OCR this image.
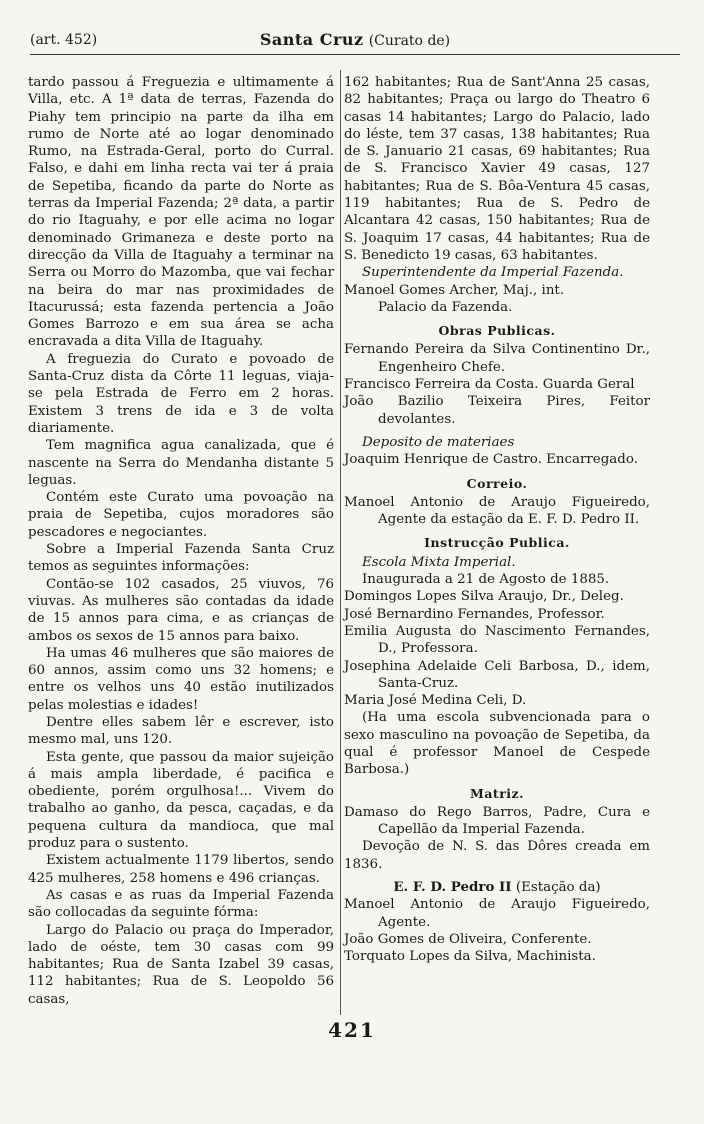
(art. 452)	Santa Cruz (Curato de)

tardo passou á Freguezia e ultimamente á Villa, etc. A 1ª data de terras, Fazenda do Piahy tem principio na parte da ilha em rumo de Norte até ao logar denominado Rumo, na Estrada-Geral, porto do Curral. Falso, e dahi em linha recta vai ter á praia de Sepetiba, ficando da parte do Norte as terras da Imperial Fazenda; 2ª data, a partir do rio Itaguahy, e por elle acima no logar denominado Grimaneza e deste porto na direcção da Villa de Itaguahy a terminar na Serra ou Morro do Mazomba, que vai fechar na beira do mar nas proximidades de Itacurussá; esta fazenda pertencia a João Gomes Barrozo e em sua área se acha encravada a dita Villa de Itaguahy.

A freguezia do Curato e povoado de Santa-Cruz dista da Côrte 11 leguas, viaja-se pela Estrada de Ferro em 2 horas. Existem 3 trens de ida e 3 de volta diariamente.

Tem magnifica agua canalizada, que é nascente na Serra do Mendanha distante 5 leguas.

Contém este Curato uma povoação na praia de Sepetiba, cujos moradores são pescadores e negociantes.

Sobre a Imperial Fazenda Santa Cruz temos as seguintes informações:

Contão-se 102 casados, 25 viuvos, 76 viuvas. As mulheres são contadas da idade de 15 annos para cima, e as crianças de ambos os sexos de 15 annos para baixo.

Ha umas 46 mulheres que são maiores de 60 annos, assim como uns 32 homens; e entre os velhos uns 40 estão inutilizados pelas molestias e idades!

Dentre elles sabem lêr e escrever, isto mesmo mal, uns 120.

Esta gente, que passou da maior sujeição á mais ampla liberdade, é pacifica e obediente, porém orgulhosa!... Vivem do trabalho ao ganho, da pesca, caçadas, e da pequena cultura da mandioca, que mal produz para o sustento.

Existem actualmente 1179 libertos, sendo 425 mulheres, 258 homens e 496 crianças.

As casas e as ruas da Imperial Fazenda são collocadas da seguinte fórma:

Largo do Palacio ou praça do Imperador, lado de oéste, tem 30 casas com 99 habitantes; Rua de Santa Izabel 39 casas, 112 habitantes; Rua de S. Leopoldo 56 casas,

162 habitantes; Rua de Sant'Anna 25 casas, 82 habitantes; Praça ou largo do Theatro 6 casas 14 habitantes; Largo do Palacio, lado do léste, tem 37 casas, 138 habitantes; Rua de S. Januario 21 casas, 69 habitantes; Rua de S. Francisco Xavier 49 casas, 127 habitantes; Rua de S. Bôa-Ventura 45 casas, 119 habitantes; Rua de S. Pedro de Alcantara 42 casas, 150 habitantes; Rua de S. Joaquim 17 casas, 44 habitantes; Rua de S. Benedicto 19 casas, 63 habitantes.

Superintendente da Imperial Fazenda.

Manoel Gomes Archer, Maj., int.

Palacio da Fazenda.

Obras Publicas.

Fernando Pereira da Silva Continentino Dr., Engenheiro Chefe.

Francisco Ferreira da Costa. Guarda Geral

João Bazilio Teixeira Pires, Feitor devolantes.

Deposito de materiaes

Joaquim Henrique de Castro. Encarregado.

Correio.

Manoel Antonio de Araujo Figueiredo, Agente da estação da E. F. D. Pedro II.

Instrucção Publica.

Escola Mixta Imperial.

Inaugurada a 21 de Agosto de 1885.

Domingos Lopes Silva Araujo, Dr., Deleg.

José Bernardino Fernandes, Professor.

Emilia Augusta do Nascimento Fernandes, D., Professora.

Josephina Adelaide Celi Barbosa, D., idem, Santa-Cruz.

Maria José Medina Celi, D.

(Ha uma escola subvencionada para o sexo masculino na povoação de Sepetiba, da qual é professor Manoel de Cespede Barbosa.)

Matriz.

Damaso do Rego Barros, Padre, Cura e Capellão da Imperial Fazenda.

Devoção de N. S. das Dôres creada em 1836.

E. F. D. Pedro II (Estação da)

Manoel Antonio de Araujo Figueiredo, Agente.

João Gomes de Oliveira, Conferente.

Torquato Lopes da Silva, Machinista.

421
